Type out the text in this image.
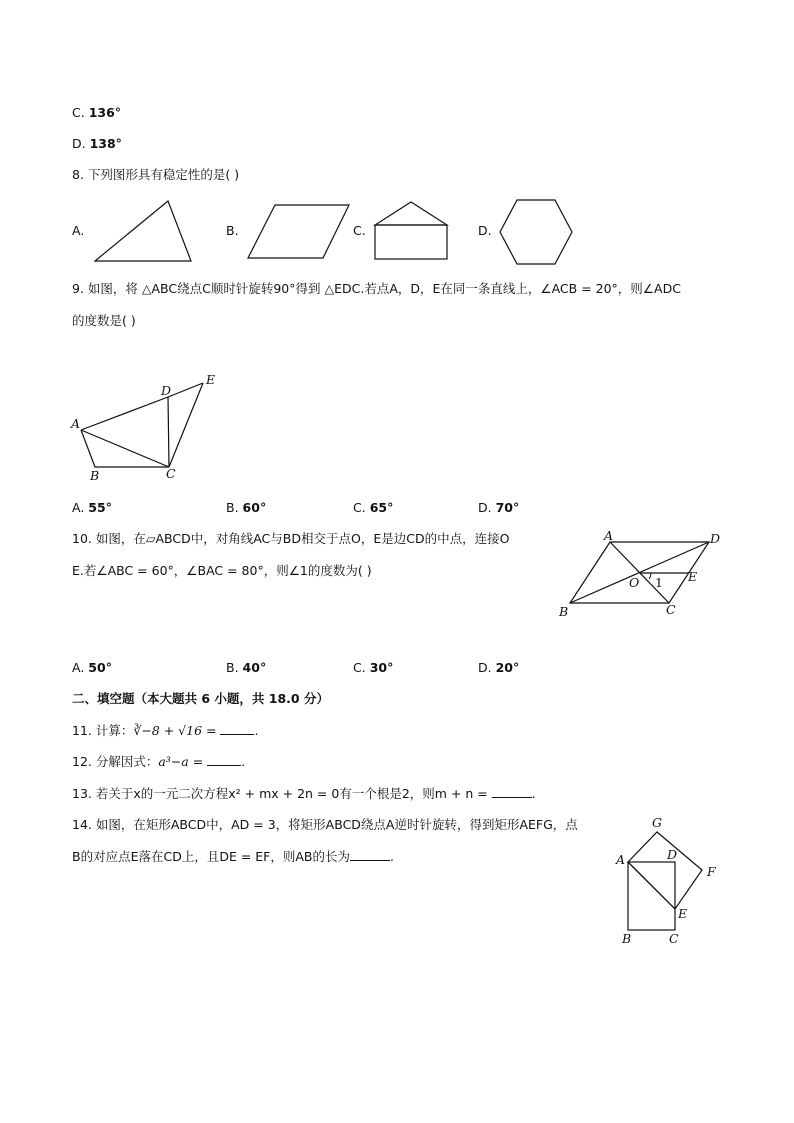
C. 136°
D. 138°
8. 下列图形具有稳定性的是( )
A.	B.	C.	D.
9. 如图，将 △ABC绕点C顺时针旋转90°得到 △EDC.若点A，D，E在同一条直线上，∠ACB = 20°，则∠ADC
的度数是( )
A
B	C
D
E
A. 55°	B. 60°	C. 65°	D. 70°
10. 如图，在▱ABCD中，对角线AC与BD相交于点O，E是边CD的中点，连接O
E.若∠ABC = 60°，∠BAC = 80°，则∠1的度数为( )
A	D
B	C
E
O 1
A. 50°	B. 40°	C. 30°	D. 20°
二、填空题（本大题共 6 小题，共 18.0 分）
11. 计算：∛−8 + √16 =	.
12. 分解因式：a³−a =	.
13. 若关于x的一元二次方程x² + mx + 2n = 0有一个根是2，则m + n =	.
14. 如图，在矩形ABCD中，AD = 3，将矩形ABCD绕点A逆时针旋转，得到矩形AEFG，点
B的对应点E落在CD上，且DE = EF，则AB的长为	.
G
A	D
F
E
B	C
